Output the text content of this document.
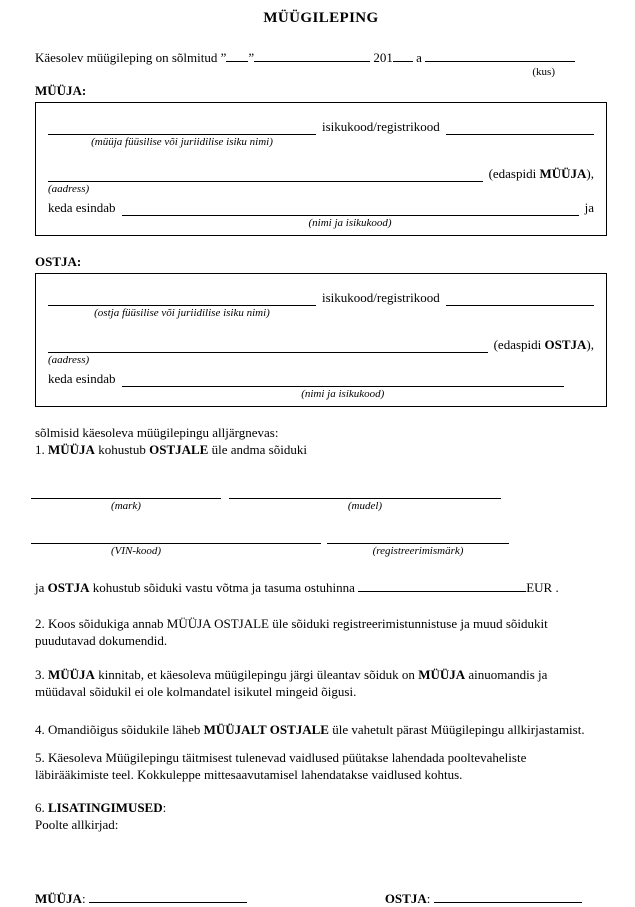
MÜÜGILEPING

Käesolev müügileping on sõlmitud ” ”	201 a

(kus)
MÜÜJA:
(müüja füüsilise või juriidilise isiku nimi)
isikukood/registrikood
(aadress)
(edaspidi MÜÜJA),
keda esindab
(nimi ja isikukood)
ja
OSTJA:
(ostja füüsilise või juriidilise isiku nimi)
isikukood/registrikood
(aadress)
(edaspidi OSTJA),
keda esindab
(nimi ja isikukood)

sõlmisid käesoleva müügilepingu alljärgnevas:

1. MÜÜJA kohustub OSTJALE üle andma sõiduki

(mark)	(mudel)
(VIN-kood)	(registreerimismärk)

ja OSTJA kohustub sõiduki vastu võtma ja tasuma ostuhinna	EUR .

2. Koos sõidukiga annab MÜÜJA OSTJALE üle sõiduki registreerimistunnistuse ja muud sõidukit puudutavad dokumendid.

3. MÜÜJA kinnitab, et käesoleva müügilepingu järgi üleantav sõiduk on MÜÜJA ainuomandis ja müüdaval sõidukil ei ole kolmandatel isikutel mingeid õigusi.

4. Omandiõigus sõidukile läheb MÜÜJALT OSTJALE üle vahetult pärast Müügilepingu allkirjastamist.

5. Käesoleva Müügilepingu täitmisest tulenevad vaidlused püütakse lahendada pooltevaheliste läbirääkimiste teel. Kokkuleppe mittesaavutamisel lahendatakse vaidlused kohtus.

6. LISATINGIMUSED:

Poolte allkirjad:

MÜÜJA:	OSTJA:
